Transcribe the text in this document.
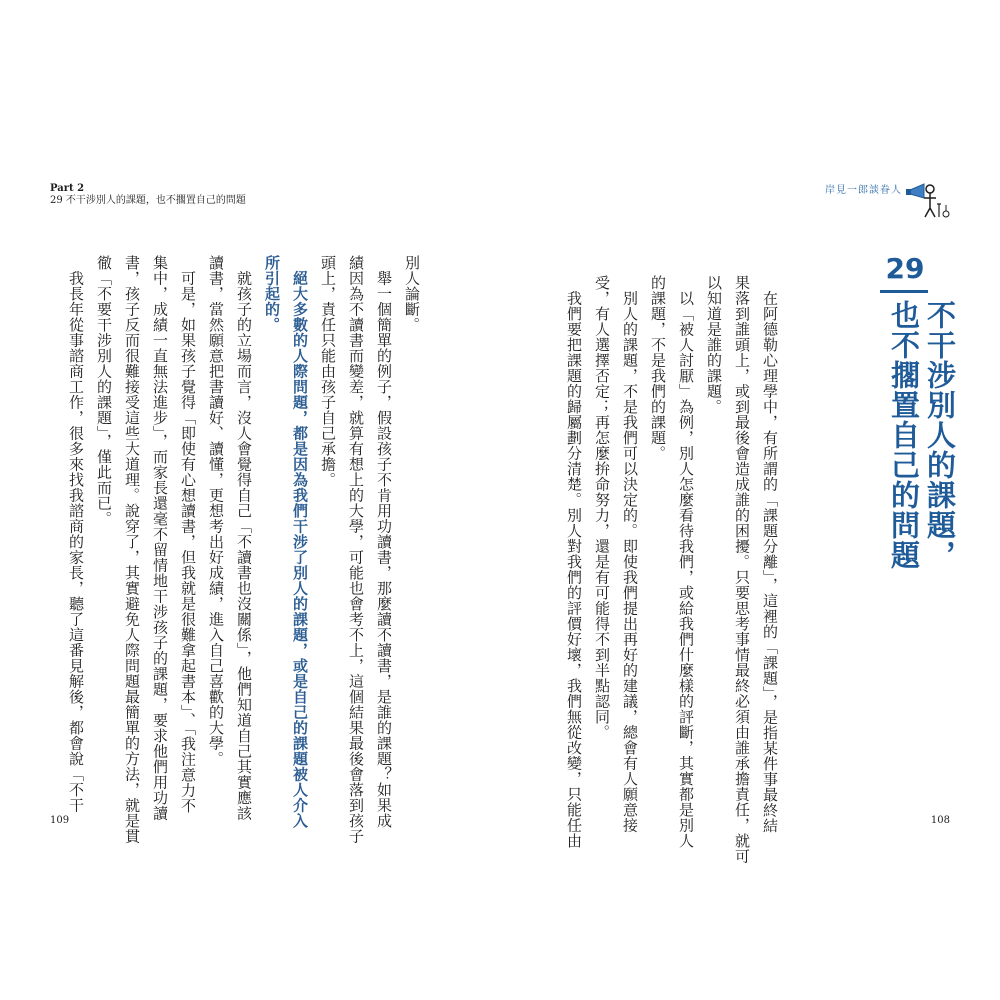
Part 2
29 不干涉別人的課題，也不擱置自己的問題
岸見一郎談眷人
29
不干涉別人的課題，
也不擱置自己的問題
　在阿德勒心理學中，有所謂的「課題分離」，這裡的「課題」，是指某件事最終結
果落到誰頭上，或到最後會造成誰的困擾。只要思考事情最終必須由誰承擔責任，就可
以知道是誰的課題。
　以「被人討厭」為例，別人怎麼看待我們，或給我們什麼樣的評斷，其實都是別人
的課題，不是我們的課題。
　別人的課題，不是我們可以決定的。即使我們提出再好的建議，總會有人願意接
受，有人選擇否定；再怎麼拚命努力，還是有可能得不到半點認同。
　我們要把課題的歸屬劃分清楚。別人對我們的評價好壞，我們無從改變，只能任由
別人論斷。
　舉一個簡單的例子，假設孩子不肯用功讀書，那麼讀不讀書，是誰的課題？如果成
績因為不讀書而變差，就算有想上的大學，可能也會考不上，這個結果最後會落到孩子
頭上，責任只能由孩子自己承擔。
　絕大多數的人際問題，都是因為我們干涉了別人的課題，或是自己的課題被人介入
所引起的。
　就孩子的立場而言，沒人會覺得自己「不讀書也沒關係」，他們知道自己其實應該
讀書，當然願意把書讀好、讀懂，更想考出好成績，進入自己喜歡的大學。
　可是，如果孩子覺得「即使有心想讀書，但我就是很難拿起書本」、「我注意力不
集中，成績一直無法進步」，而家長還毫不留情地干涉孩子的課題，要求他們用功讀
書，孩子反而很難接受這些大道理。說穿了，其實避免人際問題最簡單的方法，就是貫
徹「不要干涉別人的課題」，僅此而已。
　我長年從事諮商工作，很多來找我諮商的家長，聽了這番見解後，都會說「不干
109	108
